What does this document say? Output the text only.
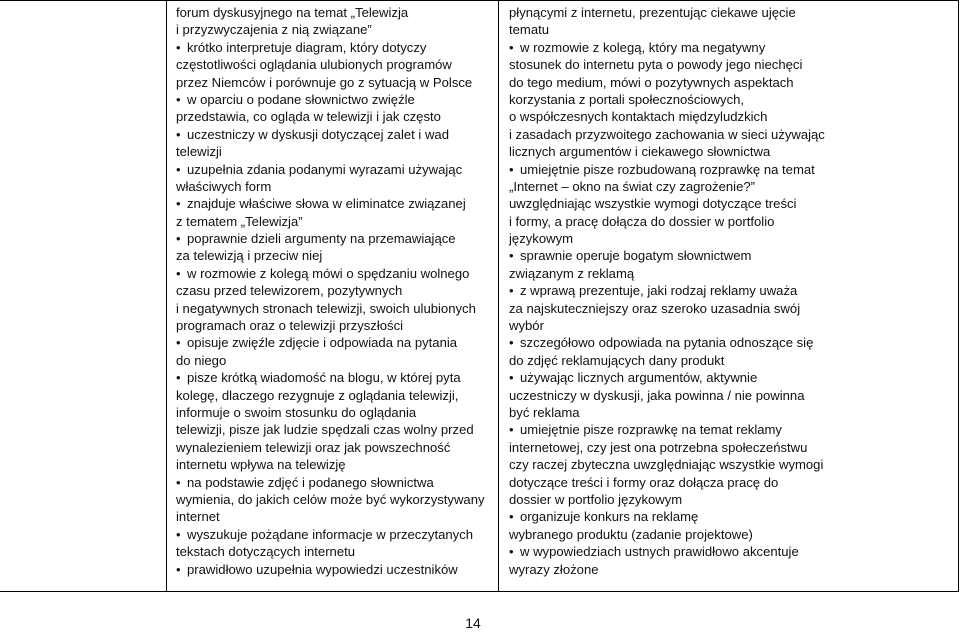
forum dyskusyjnego na temat „Telewizja
i przyzwyczajenia z nią związane”
• krótko interpretuje diagram, który dotyczy
częstotliwości oglądania ulubionych programów
przez Niemców i porównuje go z sytuacją w Polsce
• w oparciu o podane słownictwo zwięźle
przedstawia, co ogląda w telewizji i jak często
• uczestniczy w dyskusji dotyczącej zalet i wad
telewizji
• uzupełnia zdania podanymi wyrazami używając
właściwych form
• znajduje właściwe słowa w eliminatce związanej
z tematem „Telewizja”
• poprawnie dzieli argumenty na przemawiające
za telewizją i przeciw niej
• w rozmowie z kolegą mówi o spędzaniu wolnego
czasu przed telewizorem, pozytywnych
i negatywnych stronach telewizji, swoich ulubionych
programach oraz o telewizji przyszłości
• opisuje zwięźle zdjęcie i odpowiada na pytania
do niego
• pisze krótką wiadomość na blogu, w której pyta
kolegę, dlaczego rezygnuje z oglądania telewizji,
informuje o swoim stosunku do oglądania
telewizji, pisze jak ludzie spędzali czas wolny przed
wynalezieniem telewizji oraz jak powszechność
internetu wpływa na telewizję
• na podstawie zdjęć i podanego słownictwa
wymienia, do jakich celów może być wykorzystywany
internet
• wyszukuje pożądane informacje w przeczytanych
tekstach dotyczących internetu
• prawidłowo uzupełnia wypowiedzi uczestników
płynącymi z internetu, prezentując ciekawe ujęcie
tematu
• w rozmowie z kolegą, który ma negatywny
stosunek do internetu pyta o powody jego niechęci
do tego medium, mówi o pozytywnych aspektach
korzystania z portali społecznościowych,
o współczesnych kontaktach międzyludzkich
i zasadach przyzwoitego zachowania w sieci używając
licznych argumentów i ciekawego słownictwa
• umiejętnie pisze rozbudowaną rozprawkę na temat
„Internet – okno na świat czy zagrożenie?”
uwzględniając wszystkie wymogi dotyczące treści
i formy, a pracę dołącza do dossier w portfolio
językowym
• sprawnie operuje bogatym słownictwem
związanym z reklamą
• z wprawą prezentuje, jaki rodzaj reklamy uważa
za najskuteczniejszy oraz szeroko uzasadnia swój
wybór
• szczegółowo odpowiada na pytania odnoszące się
do zdjęć reklamujących dany produkt
• używając licznych argumentów, aktywnie
uczestniczy w dyskusji, jaka powinna / nie powinna
być reklama
• umiejętnie pisze rozprawkę na temat reklamy
internetowej, czy jest ona potrzebna społeczeństwu
czy raczej zbyteczna uwzględniając wszystkie wymogi
dotyczące treści i formy oraz dołącza pracę do
dossier w portfolio językowym
• organizuje konkurs na reklamę
wybranego produktu (zadanie projektowe)
• w wypowiedziach ustnych prawidłowo akcentuje
wyrazy złożone
14
